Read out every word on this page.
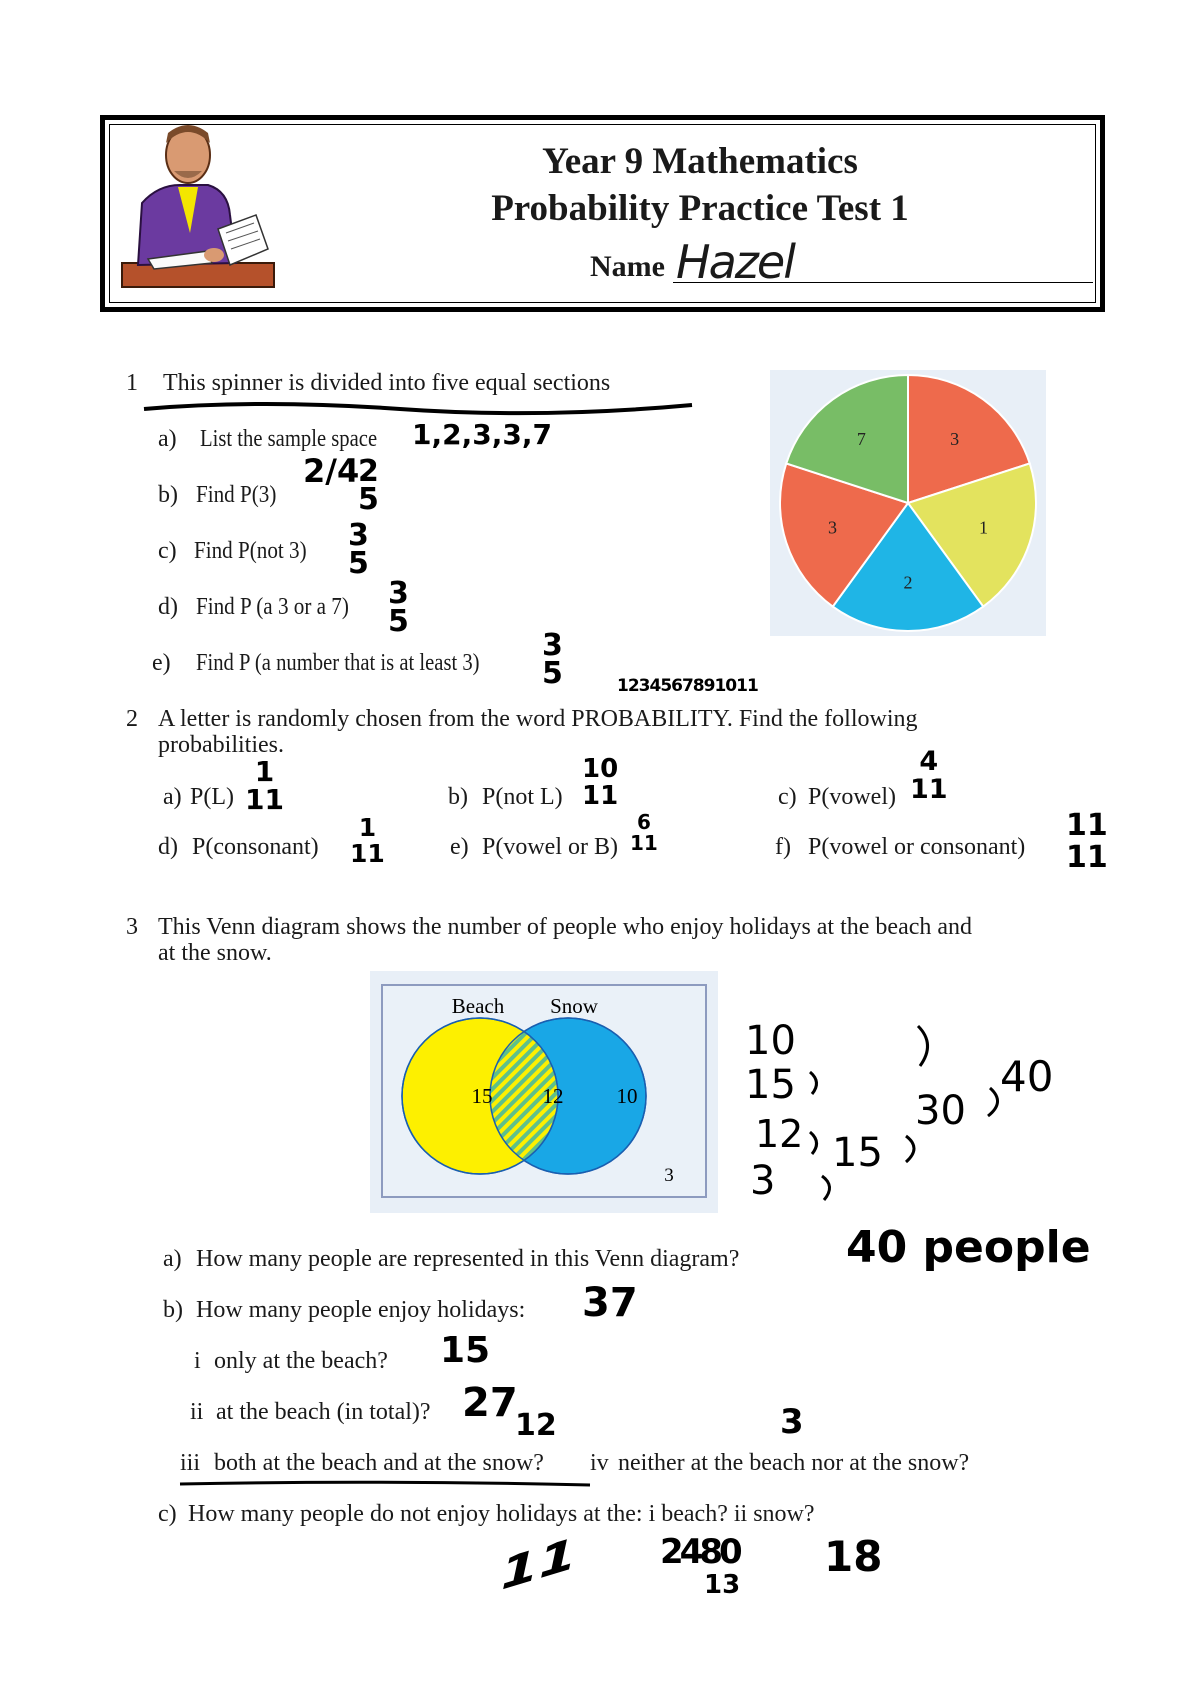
Year 9 Mathematics
Probability Practice Test 1
Name Hazel
1 This spinner is divided into five equal sections
a) List the sample space 1,2,3,3,7
b) Find P(3)
2/4
2
5
c) Find P(not 3) 3
5
d) Find P (a 3 or a 7) 3
5
e) Find P (a number that is at least 3) 3
5
3
1
2
3
7
1234567891011
2 A letter is randomly chosen from the word PROBABILITY. Find the following
probabilities.
a) P(L)
1
11	b) P(not L)
10
11	c) P(vowel)
4
11
d) P(consonant)
1
11	e) P(vowel or B)
6
11	f) P(vowel or consonant)
11
11
3 This Venn diagram shows the number of people who enjoy holidays at the beach and
at the snow.
Beach Snow
15 12	10
3
10
15
12
3
15
30
40
a) How many people are represented in this Venn diagram? 40 people
b) How many people enjoy holidays: 37
i only at the beach? 15
ii at the beach (in total)? 27
12	3
iii both at the beach and at the snow? iv neither at the beach nor at the snow?
c) How many people do not enjoy holidays at the: i beach? ii snow?
11 2480
13
18
